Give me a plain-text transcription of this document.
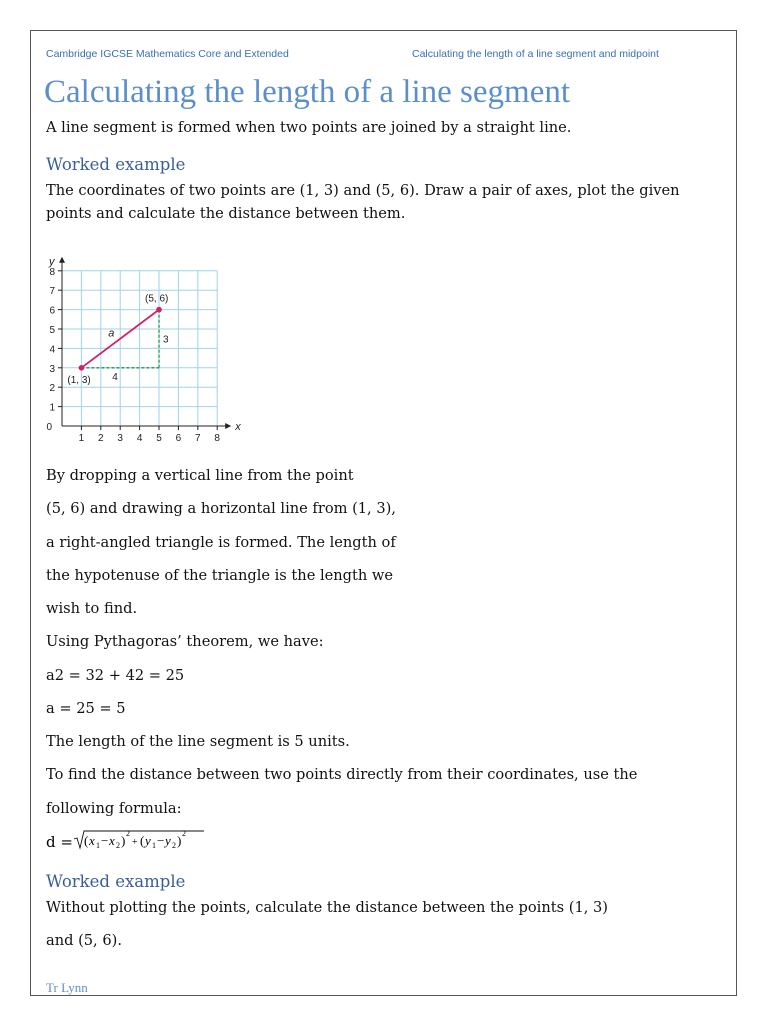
Cambridge IGCSE Mathematics Core and Extended	Calculating the length of a line segment and midpoint
Calculating the length of a line segment

A line segment is formed when two points are joined by a straight line.

Worked example

The coordinates of two points are (1, 3) and (5, 6). Draw a pair of axes, plot the given

points and calculate the distance between them.

1 2 3 4 5 6 7 8
0
1
2
3
4
5
6
7
8
x
y
4
3
(1, 3)
(5, 6)
a

By dropping a vertical line from the point

(5, 6) and drawing a horizontal line from (1, 3),

a right-angled triangle is formed. The length of

the hypotenuse of the triangle is the length we

wish to find.

Using Pythagoras’ theorem, we have:

a2 = 32 + 42 = 25

a = 25 = 5

The length of the line segment is 5 units.

To find the distance between two points directly from their coordinates, use the

following formula:

d = ( x 1 − x 2 ) 2
+ ( y 1 − y 2 ) 2
Worked example

Without plotting the points, calculate the distance between the points (1, 3)

and (5, 6).

Tr Lynn
